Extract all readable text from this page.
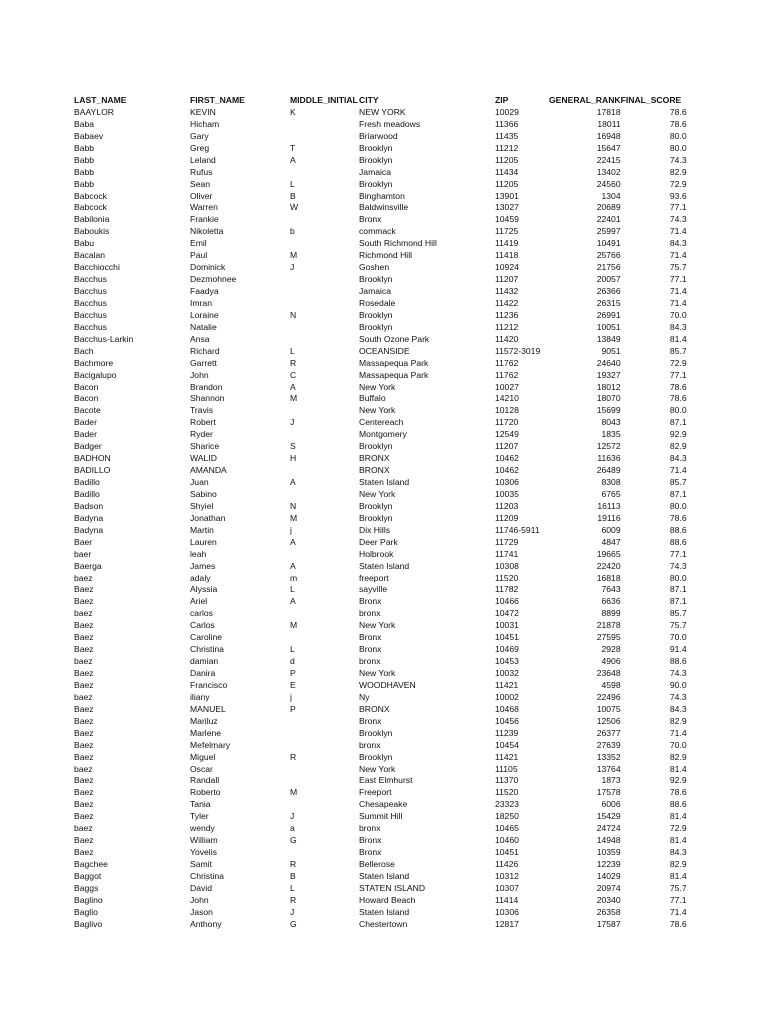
LAST_NAME	FIRST_NAME	MIDDLE_INITIAL	CITY	ZIP	GENERAL_RANK	FINAL_SCORE
BAAYLOR	KEVIN	K	NEW YORK	10029	17818	78.6
Baba	Hicham		Fresh meadows	11366	18011	78.6
Babaev	Gary		Briarwood	11435	16948	80.0
Babb	Greg	T	Brooklyn	11212	15647	80.0
Babb	Leland	A	Brooklyn	11205	22415	74.3
Babb	Rufus		Jamaica	11434	13402	82.9
Babb	Sean	L	Brooklyn	11205	24560	72.9
Babcock	Oliver	B	Binghamton	13901	1304	93.6
Babcock	Warren	W	Baldwinsville	13027	20689	77.1
Babilonia	Frankie		Bronx	10459	22401	74.3
Baboukis	Nikoletta	b	commack	11725	25997	71.4
Babu	Emil		South Richmond Hill	11419	10491	84.3
Bacalan	Paul	M	Richmond Hill	11418	25766	71.4
Bacchiocchi	Dominick	J	Goshen	10924	21756	75.7
Bacchus	Dezmohnee		Brooklyn	11207	20057	77.1
Bacchus	Faadya		Jamaica	11432	26366	71.4
Bacchus	Imran		Rosedale	11422	26315	71.4
Bacchus	Loraine	N	Brooklyn	11236	26991	70.0
Bacchus	Natalie		Brooklyn	11212	10051	84.3
Bacchus-Larkin	Ansa		South Ozone Park	11420	13849	81.4
Bach	Richard	L	OCEANSIDE	11572-3019	9051	85.7
Bachmore	Garrett	R	Massapequa Park	11762	24640	72.9
Bacigalupo	John	C	Massapequa Park	11762	19327	77.1
Bacon	Brandon	A	New York	10027	18012	78.6
Bacon	Shannon	M	Buffalo	14210	18070	78.6
Bacote	Travis		New York	10128	15699	80.0
Bader	Robert	J	Centereach	11720	8043	87.1
Bader	Ryder		Montgomery	12549	1835	92.9
Badger	Sharice	S	Brooklyn	11207	12572	82.9
BADHON	WALID	H	BRONX	10462	11636	84.3
BADILLO	AMANDA		BRONX	10462	26489	71.4
Badillo	Juan	A	Staten Island	10306	8308	85.7
Badillo	Sabino		New York	10035	6765	87.1
Badson	Shyiel	N	Brooklyn	11203	16113	80.0
Badyna	Jonathan	M	Brooklyn	11209	19116	78.6
Badyna	Martin	j	Dix Hills	11746-5911	6009	88.6
Baer	Lauren	A	Deer Park	11729	4847	88.6
baer	leah		Holbrook	11741	19665	77.1
Baerga	James	A	Staten Island	10308	22420	74.3
baez	adaly	m	freeport	11520	16818	80.0
Baez	Alyssia	L	sayville	11782	7643	87.1
Baez	Ariel	A	Bronx	10466	6636	87.1
baez	carlos		bronx	10472	8899	85.7
Baez	Carlos	M	New York	10031	21878	75.7
Baez	Caroline		Bronx	10451	27595	70.0
Baez	Christina	L	Bronx	10469	2928	91.4
baez	damian	d	bronx	10453	4906	88.6
Baez	Danira	P	New York	10032	23648	74.3
Baez	Francisco	E	WOODHAVEN	11421	4598	90.0
baez	iliany	j	Ny	10002	22496	74.3
Baez	MANUEL	P	BRONX	10468	10075	84.3
Baez	Mariluz		Bronx	10456	12506	82.9
Baez	Marlene		Brooklyn	11239	26377	71.4
Baez	Mefelmary		bronx	10454	27639	70.0
Baez	Miguel	R	Brooklyn	11421	13352	82.9
baez	Oscar		New York	11105	13764	81.4
Baez	Randall		East Elmhurst	11370	1873	92.9
Baez	Roberto	M	Freeport	11520	17578	78.6
Baez	Tania		Chesapeake	23323	6006	88.6
Baez	Tyler	J	Summit Hill	18250	15429	81.4
baez	wendy	a	bronx	10465	24724	72.9
Baez	William	G	Bronx	10460	14948	81.4
Baez	Yovelis		Bronx	10451	10359	84.3
Bagchee	Samit	R	Bellerose	11426	12239	82.9
Baggot	Christina	B	Staten Island	10312	14029	81.4
Baggs	David	L	STATEN ISLAND	10307	20974	75.7
Baglino	John	R	Howard Beach	11414	20340	77.1
Baglio	Jason	J	Staten Island	10306	26358	71.4
Baglivo	Anthony	G	Chestertown	12817	17587	78.6
